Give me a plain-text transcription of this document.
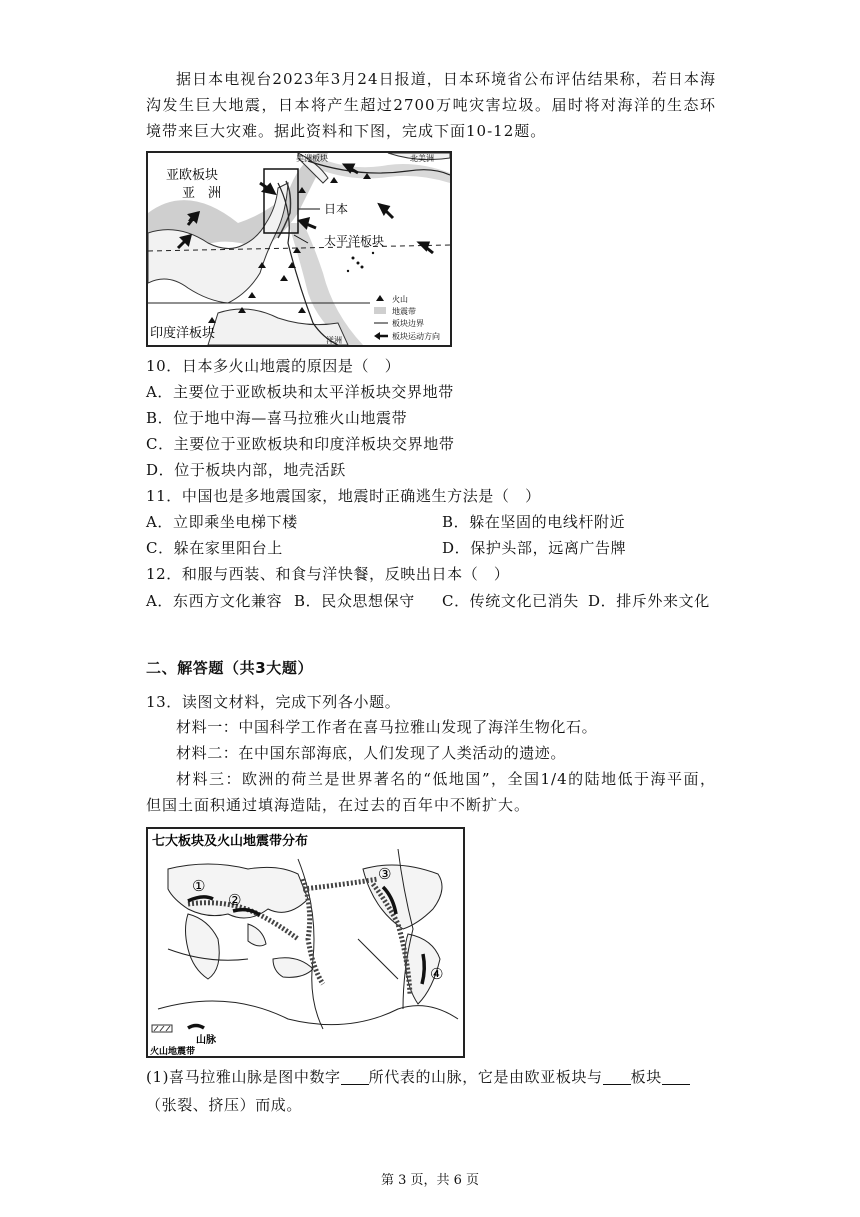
据日本电视台2023年3月24日报道，日本环境省公布评估结果称，若日本海沟发生巨大地震，日本将产生超过2700万吨灾害垃圾。届时将对海洋的生态环境带来巨大灾难。据此资料和下图，完成下面10-12题。
亚欧板块
亚　洲
日本
太平洋板块
印度洋板块
美洲板块	北美洲
洋洲
火山
地震带
板块边界
板块运动方向
10．日本多火山地震的原因是（　）
A．主要位于亚欧板块和太平洋板块交界地带
B．位于地中海—喜马拉雅火山地震带
C．主要位于亚欧板块和印度洋板块交界地带
D．位于板块内部，地壳活跃
11．中国也是多地震国家，地震时正确逃生方法是（　）
A．立即乘坐电梯下楼	B．躲在坚固的电线杆附近
C．躲在家里阳台上	D．保护头部，远离广告牌
12．和服与西装、和食与洋快餐，反映出日本（　）
A．东西方文化兼容 B．民众思想保守 C．传统文化已消失 D．排斥外来文化
二、解答题（共3大题）
13．读图文材料，完成下列各小题。
材料一：中国科学工作者在喜马拉雅山发现了海洋生物化石。
材料二：在中国东部海底，人们发现了人类活动的遗迹。
材料三：欧洲的荷兰是世界著名的“低地国”，全国1/4的陆地低于海平面，但国土面积通过填海造陆，在过去的百年中不断扩大。
七大板块及火山地震带分布
①
②
③
④
山脉
火山地震带
(1)喜马拉雅山脉是图中数字 所代表的山脉，它是由欧亚板块与 板块
（张裂、挤压）而成。
第 3 页，共 6 页
